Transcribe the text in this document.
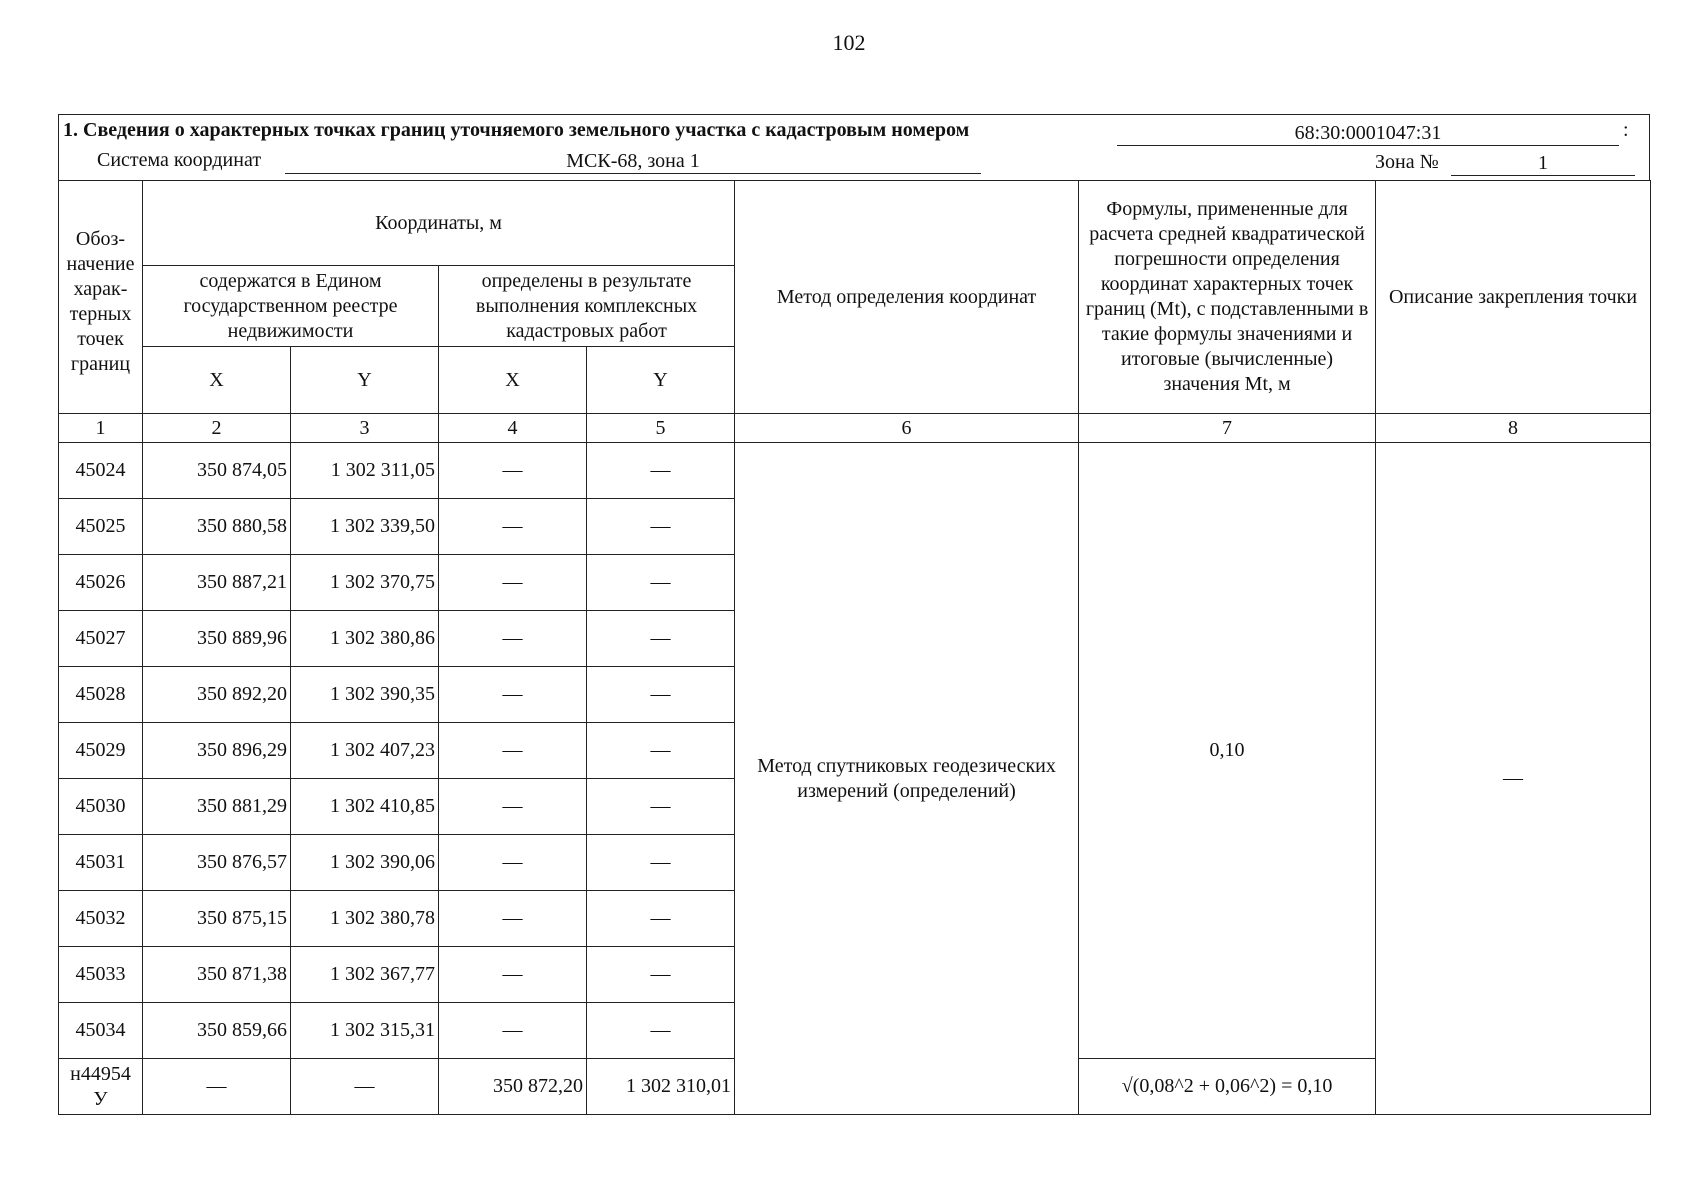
102
1. Сведения о характерных точках границ уточняемого земельного участка с кадастровым номером	68:30:0001047:31	:
Система координат	МСК-68, зона 1	Зона №	1
Обоз-начение харак-терных точек границ	Координаты, м				Метод определения координат	Формулы, примененные для расчета средней квадратической погрешности определения координат характерных точек границ (Mt), с подставленными в такие формулы значениями и итоговые (вычисленные) значения Mt, м	Описание закрепления точки
	содержатся в Едином государственном реестре недвижимости		определены в результате выполнения комплексных кадастровых работ				
	X	Y	X	Y			
1	2	3	4	5	6	7	8
45024	350 874,05	1 302 311,05	—	—	Метод спутниковых геодезических измерений (определений)	0,10	—
45025	350 880,58	1 302 339,50	—	—			
45026	350 887,21	1 302 370,75	—	—			
45027	350 889,96	1 302 380,86	—	—			
45028	350 892,20	1 302 390,35	—	—			
45029	350 896,29	1 302 407,23	—	—			
45030	350 881,29	1 302 410,85	—	—			
45031	350 876,57	1 302 390,06	—	—			
45032	350 875,15	1 302 380,78	—	—			
45033	350 871,38	1 302 367,77	—	—			
45034	350 859,66	1 302 315,31	—	—			
н44954 У	—	—	350 872,20	1 302 310,01		√(0,08^2 + 0,06^2) = 0,10	
